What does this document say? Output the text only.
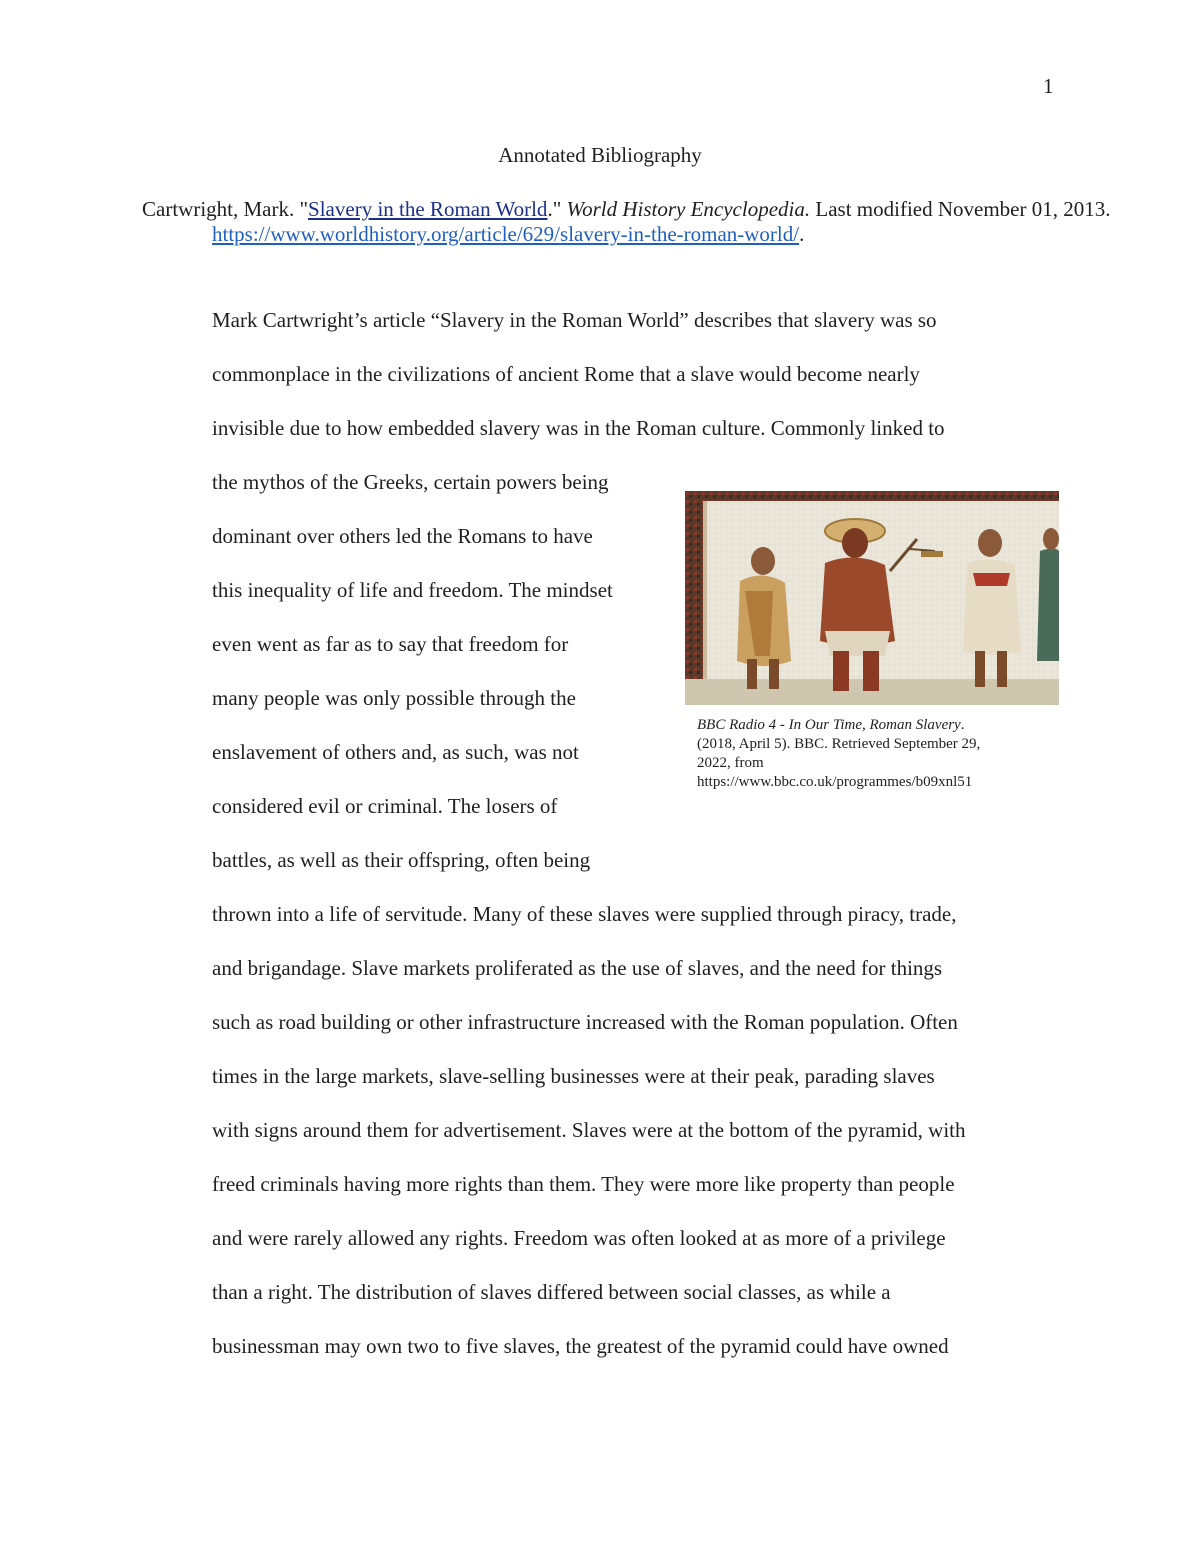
1
Annotated Bibliography
Cartwright, Mark. "Slavery in the Roman World." World History Encyclopedia. Last modified November 01, 2013. https://www.worldhistory.org/article/629/slavery-in-the-roman-world/.
Mark Cartwright’s article “Slavery in the Roman World” describes that slavery was so
commonplace in the civilizations of ancient Rome that a slave would become nearly
invisible due to how embedded slavery was in the Roman culture. Commonly linked to
the mythos of the Greeks, certain powers being
dominant over others led the Romans to have
this inequality of life and freedom. The mindset
even went as far as to say that freedom for
many people was only possible through the
enslavement of others and, as such, was not
considered evil or criminal. The losers of
battles, as well as their offspring, often being
thrown into a life of servitude. Many of these slaves were supplied through piracy, trade,
and brigandage. Slave markets proliferated as the use of slaves, and the need for things
such as road building or other infrastructure increased with the Roman population. Often
times in the large markets, slave-selling businesses were at their peak, parading slaves
with signs around them for advertisement. Slaves were at the bottom of the pyramid, with
freed criminals having more rights than them. They were more like property than people
and were rarely allowed any rights. Freedom was often looked at as more of a privilege
than a right. The distribution of slaves differed between social classes, as while a
businessman may own two to five slaves, the greatest of the pyramid could have owned
BBC Radio 4 - In Our Time, Roman Slavery.
(2018, April 5). BBC. Retrieved September 29,
2022, from
https://www.bbc.co.uk/programmes/b09xnl51
